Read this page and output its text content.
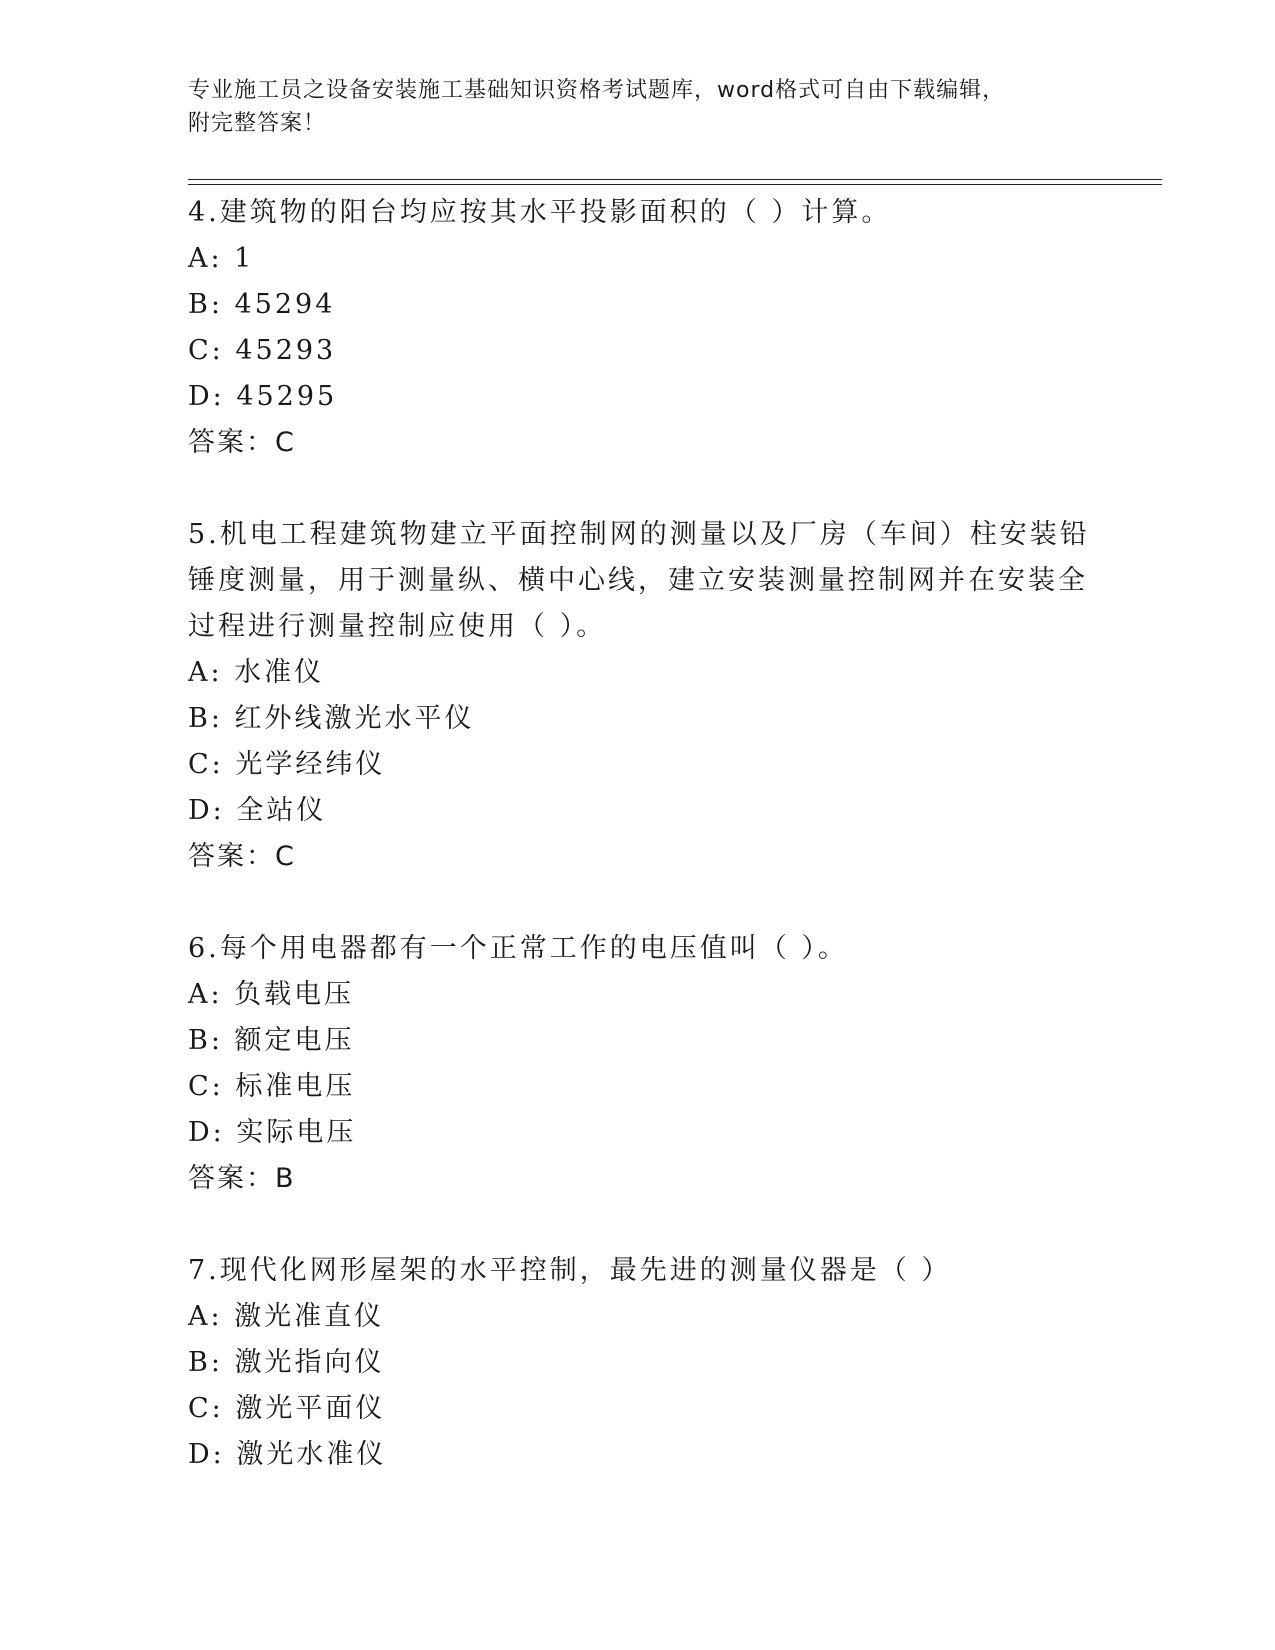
专业施工员之设备安装施工基础知识资格考试题库，word格式可自由下载编辑，
附完整答案！
4.建筑物的阳台均应按其水平投影面积的（ ）计算。
A: 1
B: 45294
C: 45293
D: 45295
答案：C
5.机电工程建筑物建立平面控制网的测量以及厂房（车间）柱安装铅
锤度测量，用于测量纵、横中心线，建立安装测量控制网并在安装全
过程进行测量控制应使用（ ）。
A: 水准仪
B: 红外线激光水平仪
C: 光学经纬仪
D: 全站仪
答案：C
6.每个用电器都有一个正常工作的电压值叫（ ）。
A: 负载电压
B: 额定电压
C: 标准电压
D: 实际电压
答案：B
7.现代化网形屋架的水平控制，最先进的测量仪器是（ ）
A: 激光准直仪
B: 激光指向仪
C: 激光平面仪
D: 激光水准仪
